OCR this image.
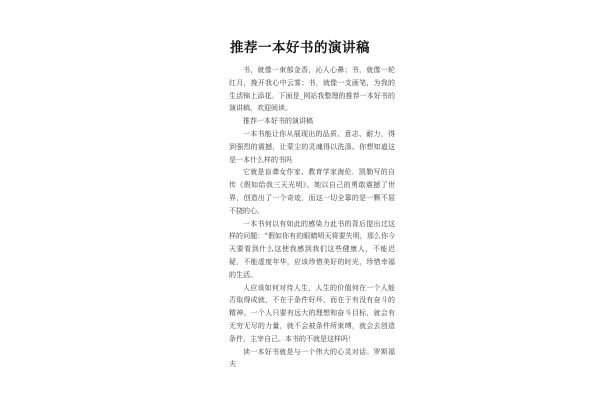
推荐一本好书的演讲稿

书，就像一束郁金香，沁人心鼻；书，就像一轮红月，挽开我心中云雾；书，就像一支画笔，为我的生活锦上添花。下面是_网站我整理的推荐一本好书的演讲稿，欢迎阅读。

推荐一本好书的演讲稿

一本书能让你从展现出的品质、意志、耐力，得到强烈的震撼，让蒙尘的灵魂得以洗涤。你想知道这是一本什么样的书吗

它就是盲聋女作家、教育学家海伦．凯勒写的自传《假如给我三天光明》。她以自己的勇敢震撼了世界，创造出了一个奇迹，而这一切全靠的是一颗不屈不挠的心。

一本书何以有如此的感染力此书的背后提出过这样的问题：“假如你有的眼睛明天将要失明，那么你今天要看到什么这使我感到我们这些健康人，不能迟疑，不能虚度年华，应该珍惜美好的时光，珍惜幸福的生活。

人应该如何对待人生，人生的价值何在一个人能否取得成就，不在于条件好坏，而在于有没有奋斗的精神。一个人只要有远大的理想和奋斗目标，就会有无穷无尽的力量，就不会被条件所束缚，就会去创造条件，主宰自己。本书的不就是这样吗！

读一本好书就是与一个伟大的心灵对话。罗斯福夫
